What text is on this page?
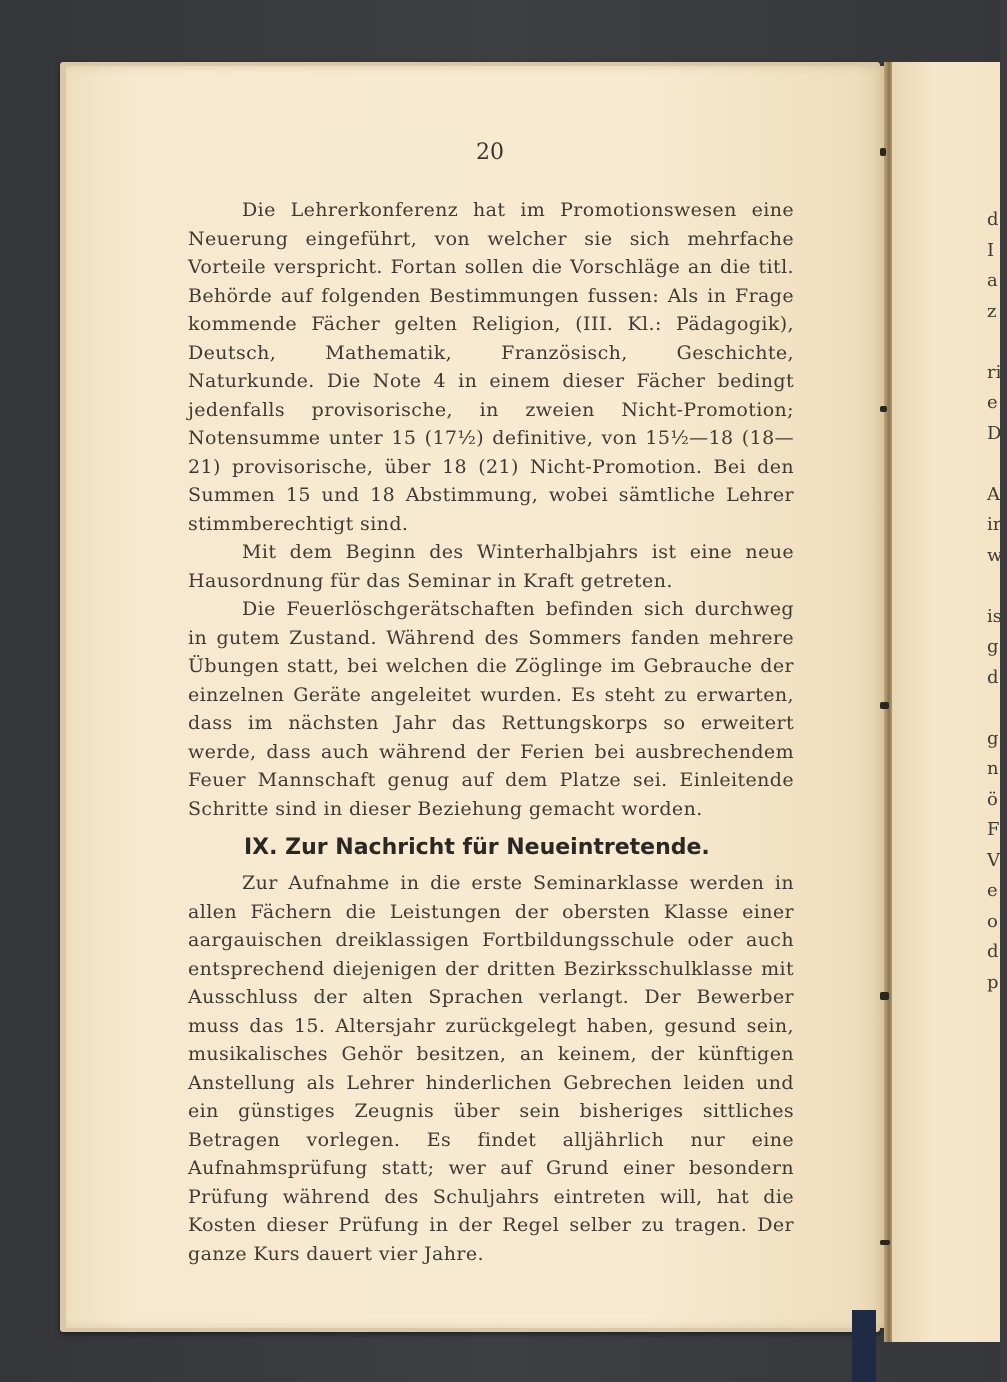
d
I
a
z
ri
e
D
A
ir
w
is
g
d
g
n
ö
F
V
e
o
d
p
20

Die Lehrerkonferenz hat im Promotionswesen eine Neuerung eingeführt, von welcher sie sich mehrfache Vorteile verspricht. Fortan sollen die Vorschläge an die titl. Behörde auf folgenden Bestimmungen fussen: Als in Frage kommende Fächer gelten Religion, (III. Kl.: Pädagogik), Deutsch, Mathematik, Französisch, Geschichte, Naturkunde. Die Note 4 in einem dieser Fächer bedingt jedenfalls provisorische, in zweien Nicht-Promotion; Notensumme unter 15 (17½) definitive, von 15½—18 (18—21) provisorische, über 18 (21) Nicht-Promotion. Bei den Summen 15 und 18 Abstimmung, wobei sämtliche Lehrer stimmberechtigt sind.

Mit dem Beginn des Winterhalbjahrs ist eine neue Hausordnung für das Seminar in Kraft getreten.

Die Feuerlöschgerätschaften befinden sich durchweg in gutem Zustand. Während des Sommers fanden mehrere Übungen statt, bei welchen die Zöglinge im Gebrauche der einzelnen Geräte angeleitet wurden. Es steht zu erwarten, dass im nächsten Jahr das Rettungskorps so erweitert werde, dass auch während der Ferien bei ausbrechendem Feuer Mannschaft genug auf dem Platze sei. Einleitende Schritte sind in dieser Beziehung gemacht worden.

IX. Zur Nachricht für Neueintretende.

Zur Aufnahme in die erste Seminarklasse werden in allen Fächern die Leistungen der obersten Klasse einer aargauischen dreiklassigen Fortbildungsschule oder auch entsprechend diejenigen der dritten Bezirksschulklasse mit Ausschluss der alten Sprachen verlangt. Der Bewerber muss das 15. Altersjahr zurückgelegt haben, gesund sein, musikalisches Gehör besitzen, an keinem, der künftigen Anstellung als Lehrer hinderlichen Gebrechen leiden und ein günstiges Zeugnis über sein bisheriges sittliches Betragen vorlegen. Es findet alljährlich nur eine Aufnahmsprüfung statt; wer auf Grund einer besondern Prüfung während des Schuljahrs eintreten will, hat die Kosten dieser Prüfung in der Regel selber zu tragen. Der ganze Kurs dauert vier Jahre.
